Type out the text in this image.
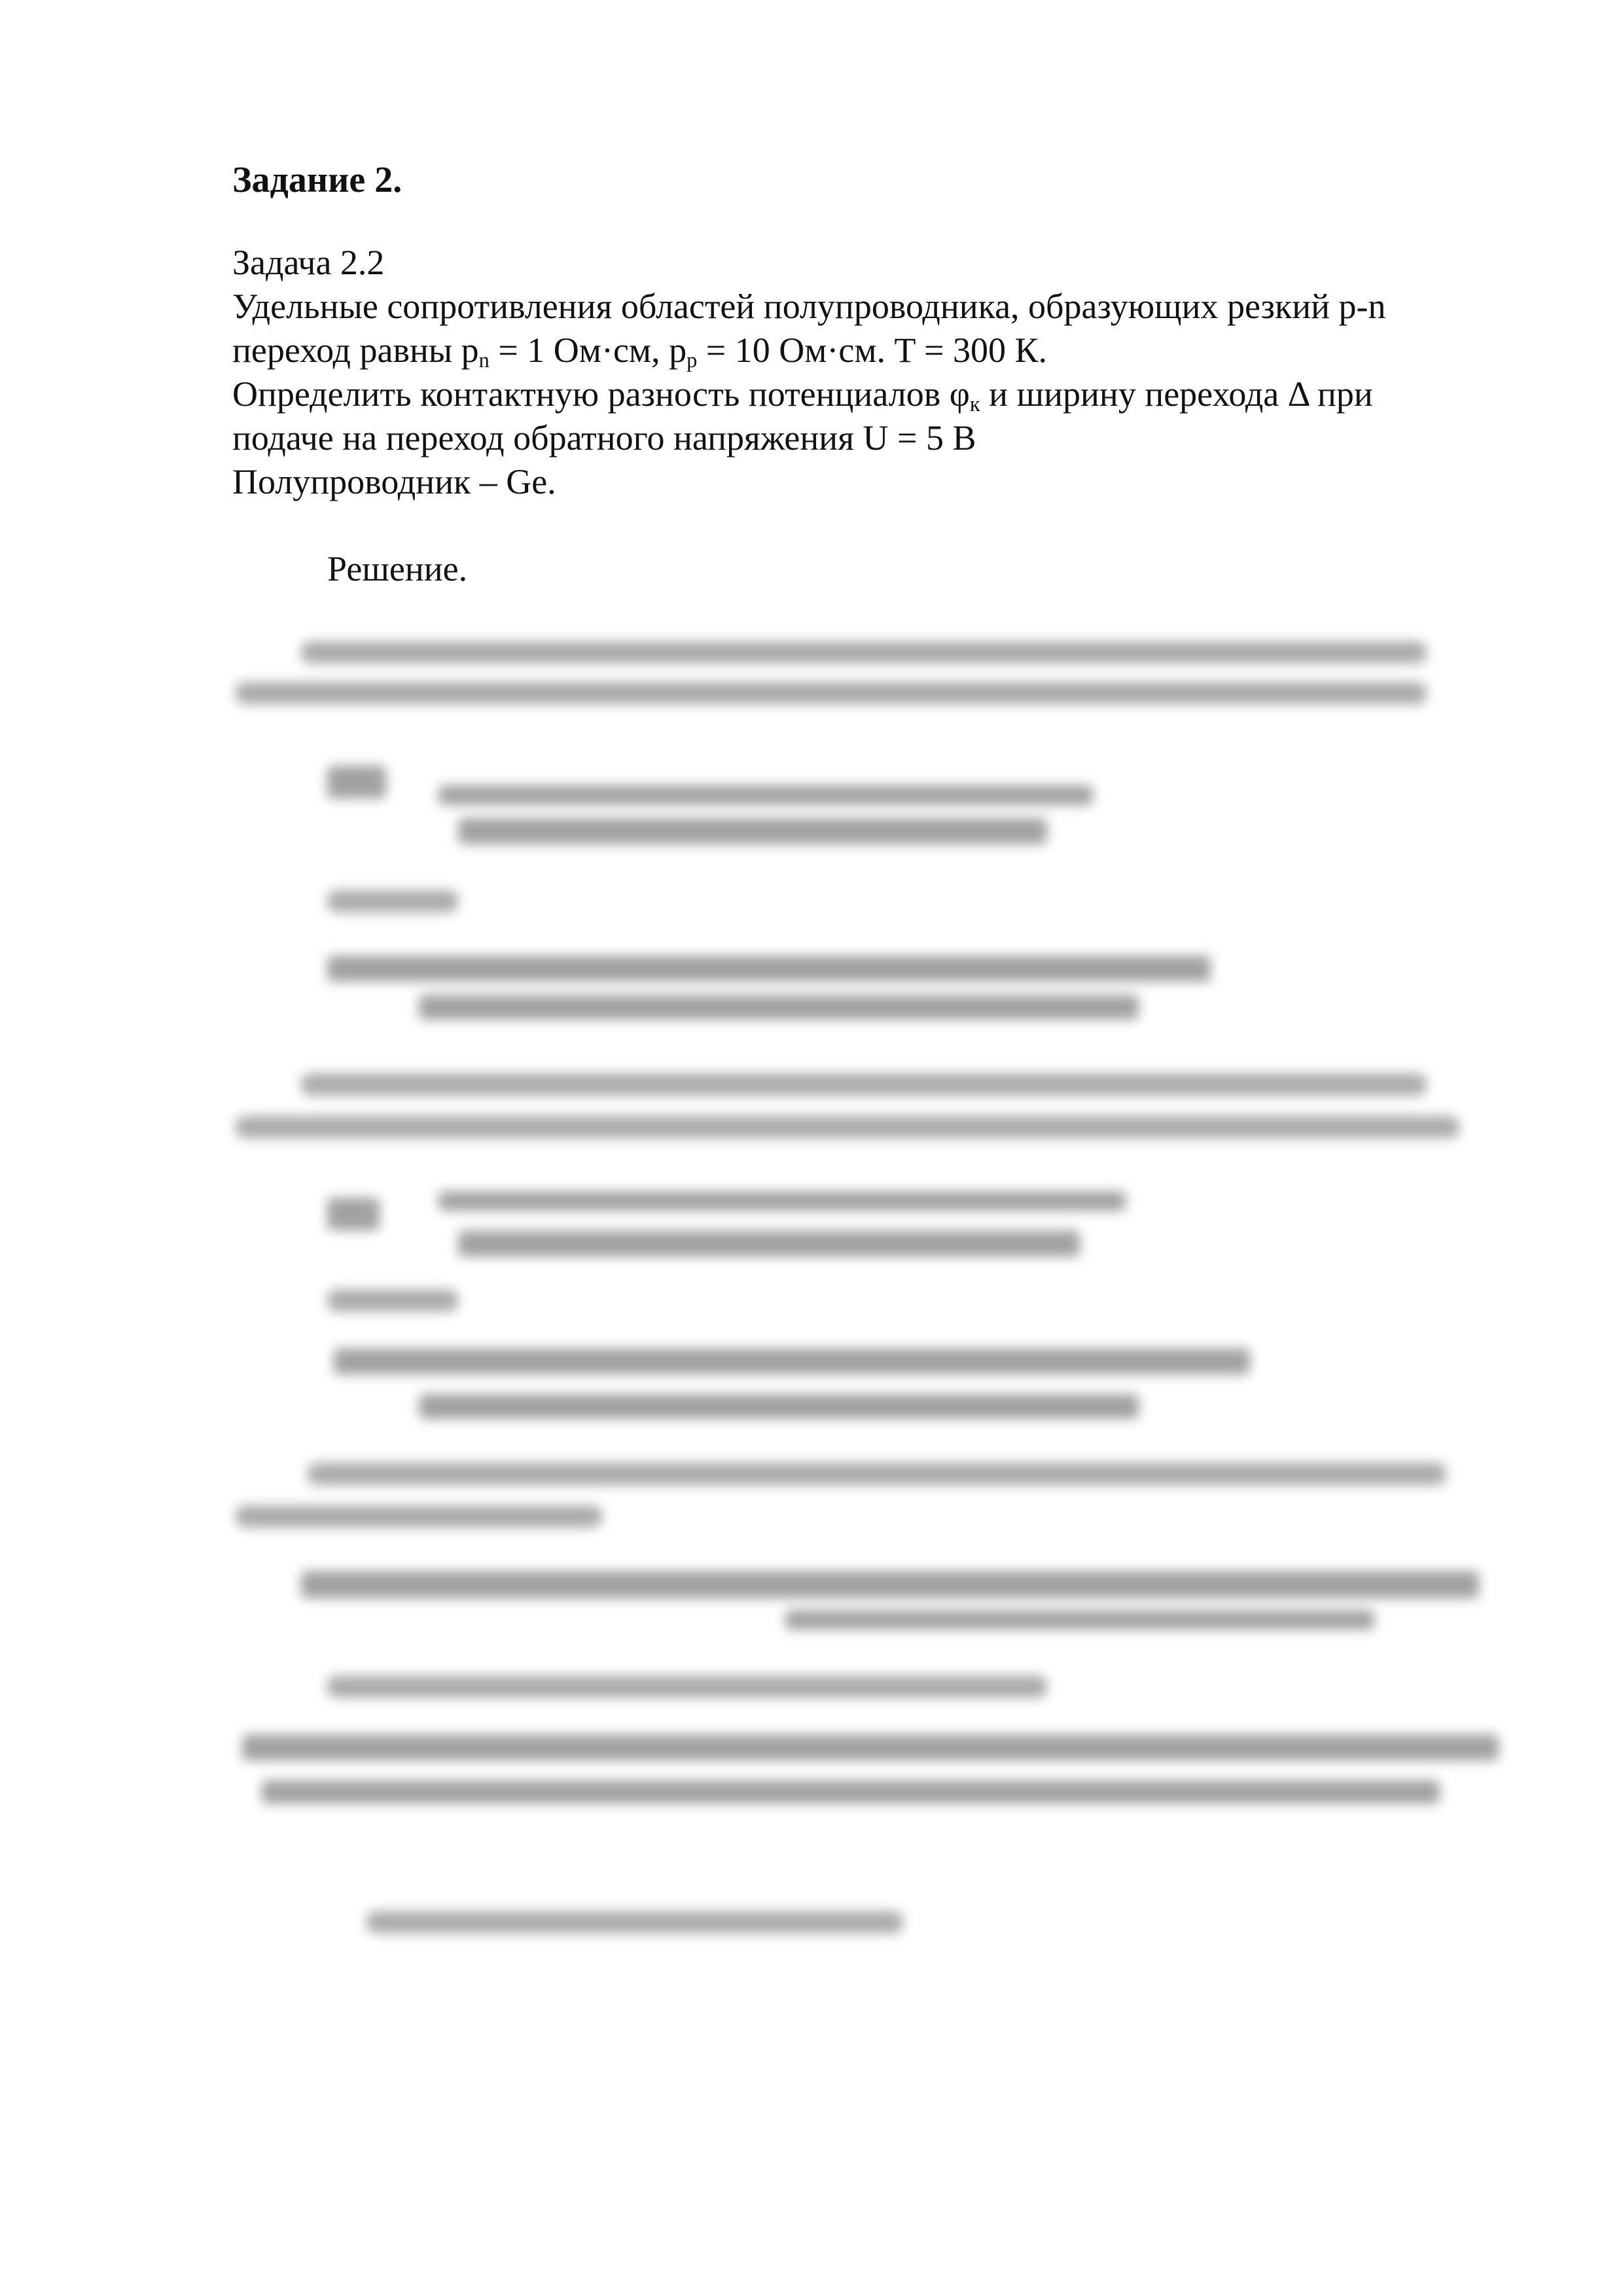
Задание 2.
Задача 2.2
Удельные сопротивления областей полупроводника, образующих резкий p-n
переход равны $p_n = 1$ Ом·см, $p_p = 10$ Ом·см. T = 300 К.
Определить контактную разность потенциалов $\varphi_к$ и ширину перехода Δ при
подаче на переход обратного напряжения U = 5 В
Полупроводник – Ge.
Решение.
